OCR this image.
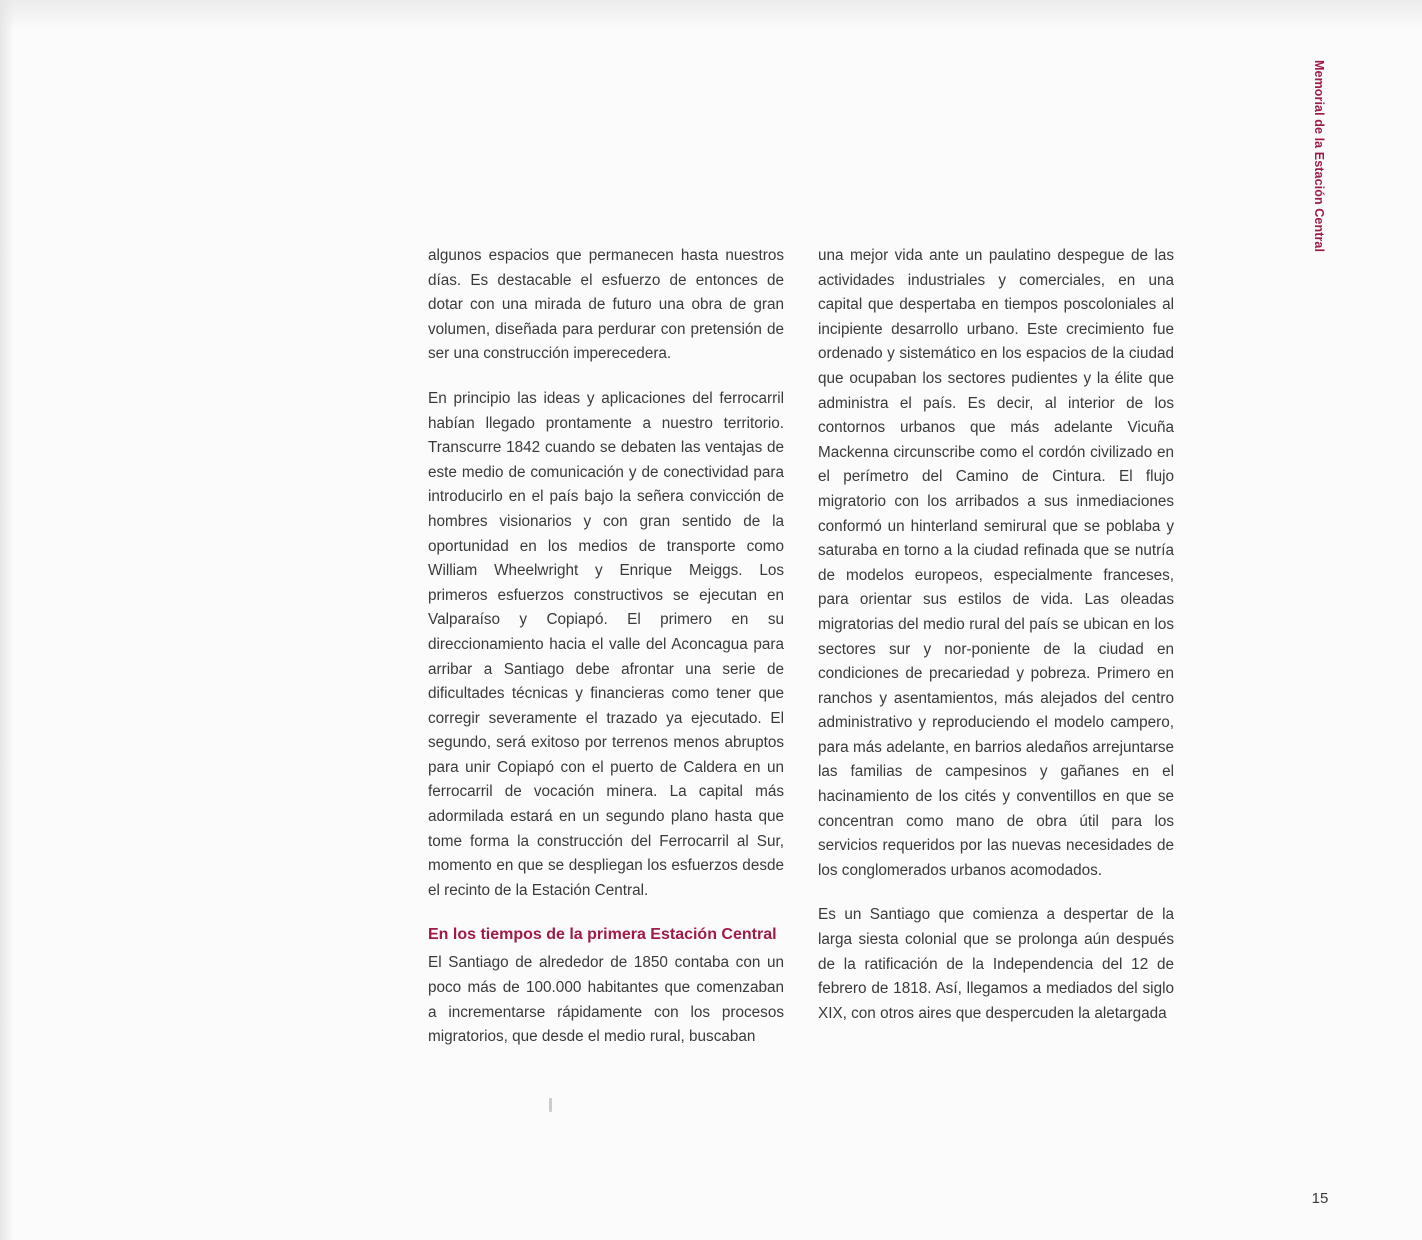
Memorial de la Estación Central

algunos espacios que permanecen hasta nuestros días. Es destacable el esfuerzo de entonces de dotar con una mirada de futuro una obra de gran volumen, diseñada para perdurar con pretensión de ser una construcción imperecedera.

En principio las ideas y aplicaciones del ferrocarril habían llegado prontamente a nuestro territorio. Transcurre 1842 cuando se debaten las ventajas de este medio de comunicación y de conectividad para introducirlo en el país bajo la señera convicción de hombres visionarios y con gran sentido de la oportunidad en los medios de transporte como William Wheelwright y Enrique Meiggs. Los primeros esfuerzos constructivos se ejecutan en Valparaíso y Copiapó. El primero en su direccionamiento hacia el valle del Aconcagua para arribar a Santiago debe afrontar una serie de dificultades técnicas y financieras como tener que corregir severamente el trazado ya ejecutado. El segundo, será exitoso por terrenos menos abruptos para unir Copiapó con el puerto de Caldera en un ferrocarril de vocación minera. La capital más adormilada estará en un segundo plano hasta que tome forma la construcción del Ferrocarril al Sur, momento en que se despliegan los esfuerzos desde el recinto de la Estación Central.

En los tiempos de la primera Estación Central

El Santiago de alrededor de 1850 contaba con un poco más de 100.000 habitantes que comenzaban a incrementarse rápidamente con los procesos migratorios, que desde el medio rural, buscaban

una mejor vida ante un paulatino despegue de las actividades industriales y comerciales, en una capital que despertaba en tiempos poscoloniales al incipiente desarrollo urbano. Este crecimiento fue ordenado y sistemático en los espacios de la ciudad que ocupaban los sectores pudientes y la élite que administra el país. Es decir, al interior de los contornos urbanos que más adelante Vicuña Mackenna circunscribe como el cordón civilizado en el perímetro del Camino de Cintura. El flujo migratorio con los arribados a sus inmediaciones conformó un hinterland semirural que se poblaba y saturaba en torno a la ciudad refinada que se nutría de modelos europeos, especialmente franceses, para orientar sus estilos de vida. Las oleadas migratorias del medio rural del país se ubican en los sectores sur y nor-poniente de la ciudad en condiciones de precariedad y pobreza. Primero en ranchos y asentamientos, más alejados del centro administrativo y reproduciendo el modelo campero, para más adelante, en barrios aledaños arrejuntarse las familias de campesinos y gañanes en el hacinamiento de los cités y conventillos en que se concentran como mano de obra útil para los servicios requeridos por las nuevas necesidades de los conglomerados urbanos acomodados.

Es un Santiago que comienza a despertar de la larga siesta colonial que se prolonga aún después de la ratificación de la Independencia del 12 de febrero de 1818. Así, llegamos a mediados del siglo XIX, con otros aires que despercuden la aletargada

15
